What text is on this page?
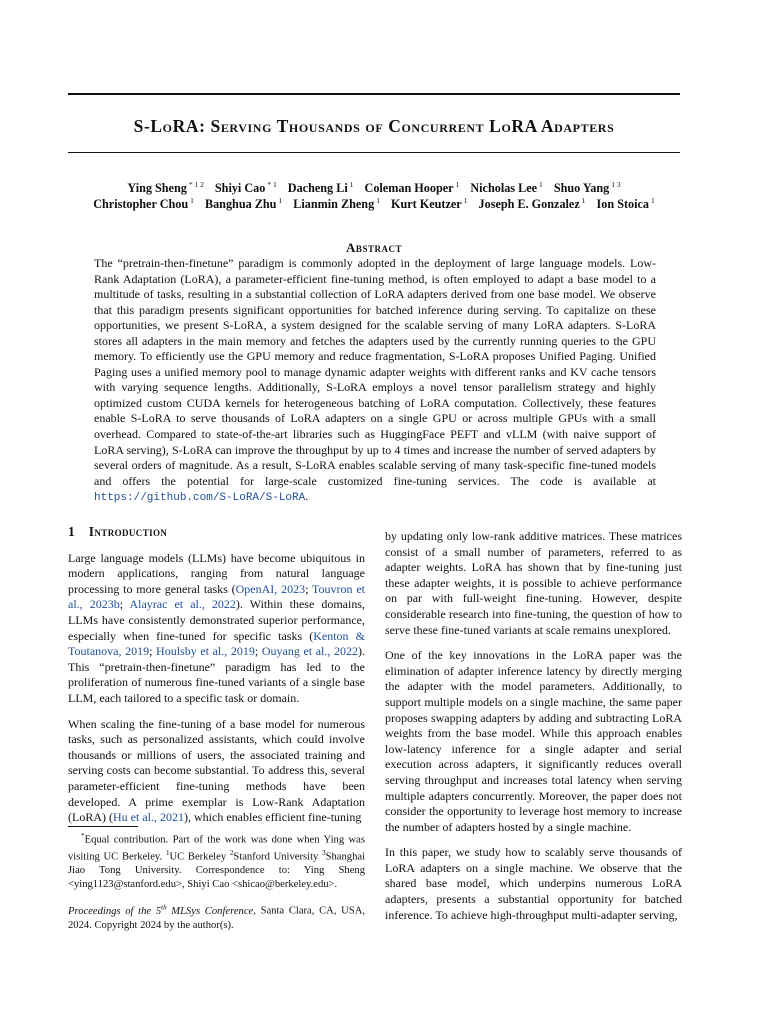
S-LoRA: Serving Thousands of Concurrent LoRA Adapters
Ying Sheng $^{* 1 2}$ Shiyi Cao $^{* 1}$ Dacheng Li $^1$ Coleman Hooper $^1$ Nicholas Lee $^1$ Shuo Yang $^{1 3}$
Christopher Chou $^1$ Banghua Zhu $^1$ Lianmin Zheng $^1$ Kurt Keutzer $^1$ Joseph E. Gonzalez $^1$ Ion Stoica $^1$
Abstract
The “pretrain-then-finetune” paradigm is commonly adopted in the deployment of large language models. Low-Rank Adaptation (LoRA), a parameter-efficient fine-tuning method, is often employed to adapt a base model to a multitude of tasks, resulting in a substantial collection of LoRA adapters derived from one base model. We observe that this paradigm presents significant opportunities for batched inference during serving. To capitalize on these opportunities, we present S-LoRA, a system designed for the scalable serving of many LoRA adapters. S-LoRA stores all adapters in the main memory and fetches the adapters used by the currently running queries to the GPU memory. To efficiently use the GPU memory and reduce fragmentation, S-LoRA proposes Unified Paging. Unified Paging uses a unified memory pool to manage dynamic adapter weights with different ranks and KV cache tensors with varying sequence lengths. Additionally, S-LoRA employs a novel tensor parallelism strategy and highly optimized custom CUDA kernels for heterogeneous batching of LoRA computation. Collectively, these features enable S-LoRA to serve thousands of LoRA adapters on a single GPU or across multiple GPUs with a small overhead. Compared to state-of-the-art libraries such as HuggingFace PEFT and vLLM (with naive support of LoRA serving), S-LoRA can improve the throughput by up to 4 times and increase the number of served adapters by several orders of magnitude. As a result, S-LoRA enables scalable serving of many task-specific fine-tuned models and offers the potential for large-scale customized fine-tuning services. The code is available at https://github.com/S-LoRA/S-LoRA.
1 Introduction

Large language models (LLMs) have become ubiquitous in modern applications, ranging from natural language processing to more general tasks (OpenAI, 2023; Touvron et al., 2023b; Alayrac et al., 2022). Within these domains, LLMs have consistently demonstrated superior performance, especially when fine-tuned for specific tasks (Kenton & Toutanova, 2019; Houlsby et al., 2019; Ouyang et al., 2022). This “pretrain-then-finetune” paradigm has led to the proliferation of numerous fine-tuned variants of a single base LLM, each tailored to a specific task or domain.

When scaling the fine-tuning of a base model for numerous tasks, such as personalized assistants, which could involve thousands or millions of users, the associated training and serving costs can become substantial. To address this, several parameter-efficient fine-tuning methods have been developed. A prime exemplar is Low-Rank Adaptation (LoRA) (Hu et al., 2021), which enables efficient fine-tuning

*Equal contribution. Part of the work was done when Ying was visiting UC Berkeley. $^1$UC Berkeley $^2$Stanford University $^3$Shanghai Jiao Tong University. Correspondence to: Ying Sheng <ying1123@stanford.edu>, Shiyi Cao <shicao@berkeley.edu>.

Proceedings of the 5th MLSys Conference, Santa Clara, CA, USA, 2024. Copyright 2024 by the author(s).

by updating only low-rank additive matrices. These matrices consist of a small number of parameters, referred to as adapter weights. LoRA has shown that by fine-tuning just these adapter weights, it is possible to achieve performance on par with full-weight fine-tuning. However, despite considerable research into fine-tuning, the question of how to serve these fine-tuned variants at scale remains unexplored.

One of the key innovations in the LoRA paper was the elimination of adapter inference latency by directly merging the adapter with the model parameters. Additionally, to support multiple models on a single machine, the same paper proposes swapping adapters by adding and subtracting LoRA weights from the base model. While this approach enables low-latency inference for a single adapter and serial execution across adapters, it significantly reduces overall serving throughput and increases total latency when serving multiple adapters concurrently. Moreover, the paper does not consider the opportunity to leverage host memory to increase the number of adapters hosted by a single machine.

In this paper, we study how to scalably serve thousands of LoRA adapters on a single machine. We observe that the shared base model, which underpins numerous LoRA adapters, presents a substantial opportunity for batched inference. To achieve high-throughput multi-adapter serving,
